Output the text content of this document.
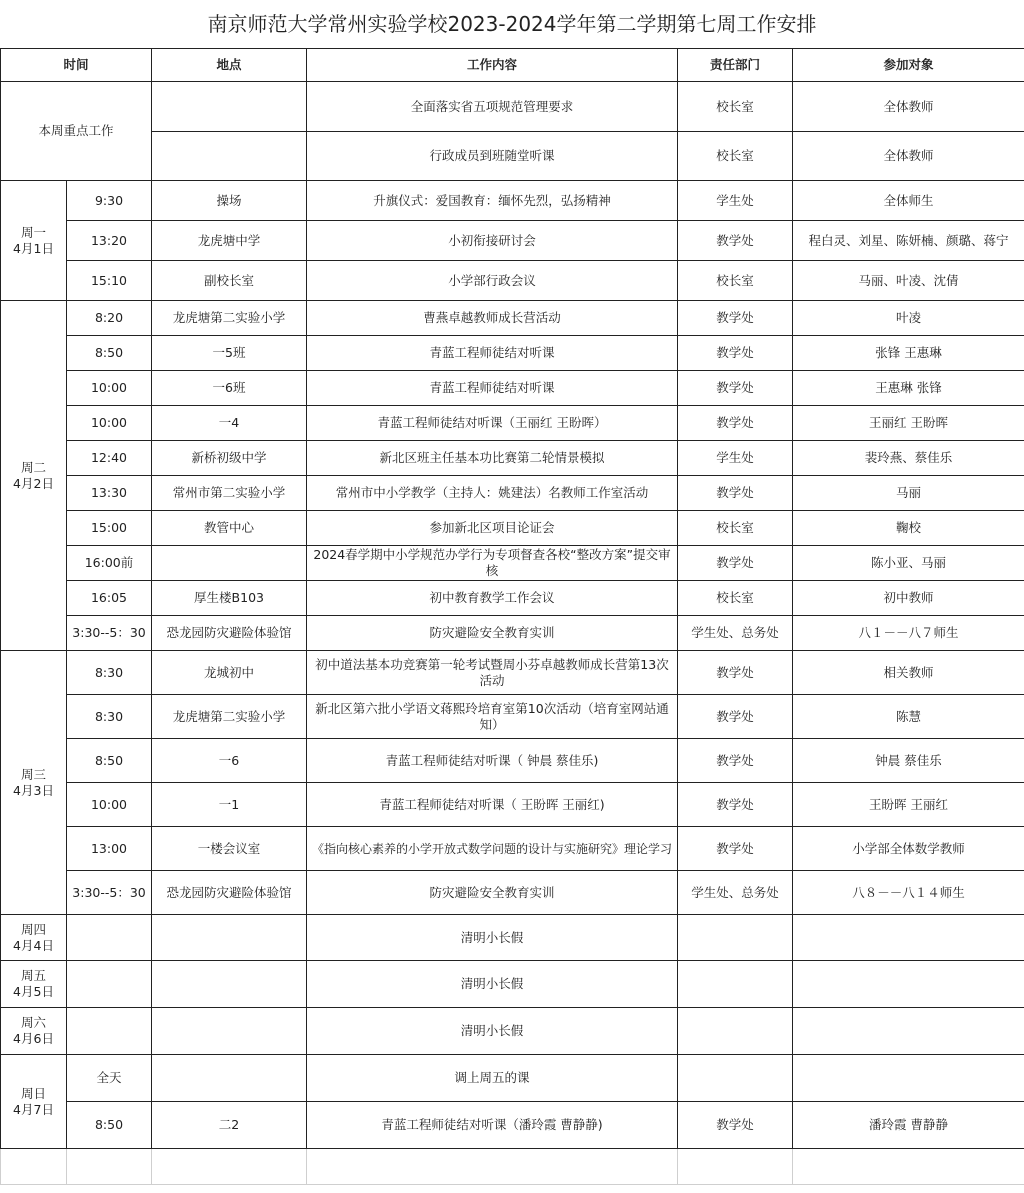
南京师范大学常州实验学校2023-2024学年第二学期第七周工作安排
时间		地点	工作内容	责任部门	参加对象
本周重点工作			全面落实省五项规范管理要求	校长室	全体教师
			行政成员到班随堂听课	校长室	全体教师
周一
4月1日	9:30	操场	升旗仪式：爱国教育：缅怀先烈，弘扬精神	学生处	全体师生
	13:20	龙虎塘中学	小初衔接研讨会	教学处	程白灵、刘星、陈妍楠、颜璐、蒋宁
	15:10	副校长室	小学部行政会议	校长室	马丽、叶凌、沈倩
周二
4月2日	8:20	龙虎塘第二实验小学	曹燕卓越教师成长营活动	教学处	叶凌
	8:50	一5班	青蓝工程师徒结对听课	教学处	张锋 王惠琳
	10:00	一6班	青蓝工程师徒结对听课	教学处	王惠琳 张锋
	10:00	一4	青蓝工程师徒结对听课（王丽红 王盼晖）	教学处	王丽红 王盼晖
	12:40	新桥初级中学	新北区班主任基本功比赛第二轮情景模拟	学生处	裴玲燕、蔡佳乐
	13:30	常州市第二实验小学	常州市中小学教学（主持人：姚建法）名教师工作室活动	教学处	马丽
	15:00	教管中心	参加新北区项目论证会	校长室	鞠校
	16:00前		2024春学期中小学规范办学行为专项督查各校“整改方案”提交审核	教学处	陈小亚、马丽
	16:05	厚生楼B103	初中教育教学工作会议	校长室	初中教师
	3:30--5：30	恐龙园防灾避险体验馆	防灾避险安全教育实训	学生处、总务处	八１－－八７师生
周三
4月3日	8:30	龙城初中	初中道法基本功竞赛第一轮考试暨周小芬卓越教师成长营第13次活动	教学处	相关教师
	8:30	龙虎塘第二实验小学	新北区第六批小学语文蒋熙玲培育室第10次活动（培育室网站通知）	教学处	陈慧
	8:50	一6	青蓝工程师徒结对听课（ 钟晨 蔡佳乐)	教学处	钟晨 蔡佳乐
	10:00	一1	青蓝工程师徒结对听课（ 王盼晖 王丽红)	教学处	王盼晖 王丽红
	13:00	一楼会议室	《指向核心素养的小学开放式数学问题的设计与实施研究》理论学习	教学处	小学部全体数学教师
	3:30--5：30	恐龙园防灾避险体验馆	防灾避险安全教育实训	学生处、总务处	八８－－八１４师生
周四
4月4日			清明小长假		
周五
4月5日			清明小长假		
周六
4月6日			清明小长假		
周日
4月7日	全天		调上周五的课		
	8:50	二2	青蓝工程师徒结对听课（潘玲霞 曹静静)	教学处	潘玲霞 曹静静
